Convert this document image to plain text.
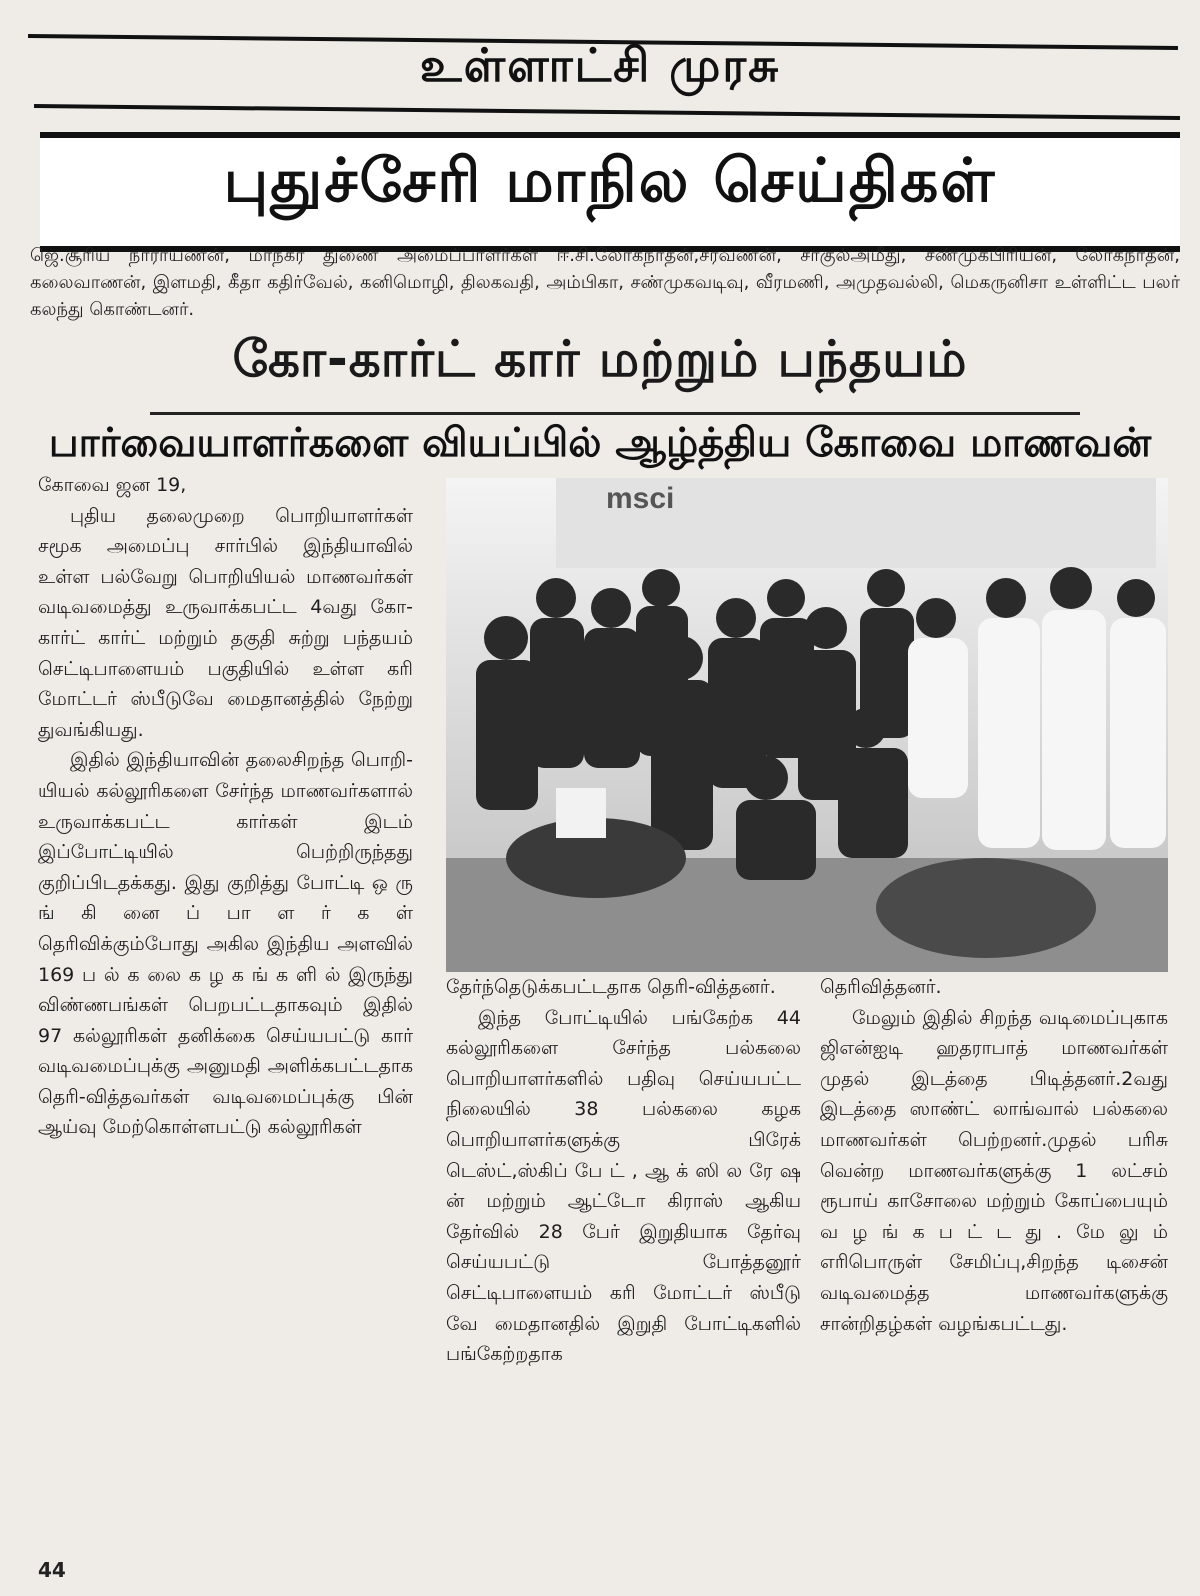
உள்ளாட்சி முரசு
புதுச்சேரி மாநில செய்திகள்
ஜெ.சூரிய நாராயணன், மாநகர துணை அமைப்பாளர்கள் ஈ.சி.லோகநாதன்,சரவணன், சாகுல்அமீது, சண்முகபிரியன், லோகநாதன், கலைவாணன், இளமதி, கீதா கதிர்வேல், கனிமொழி, திலகவதி, அம்பிகா, சண்முகவடிவு, வீரமணி, அமுதவல்லி, மெகருனிசா உள்ளிட்ட பலர் கலந்து கொண்டனர்.
கோ-கார்ட் கார் மற்றும் பந்தயம்
பார்வையாளர்களை வியப்பில் ஆழ்த்திய கோவை மாணவன்

கோவை ஜன 19,

புதிய தலைமுறை பொறியாளர்கள் சமூக அமைப்பு சார்பில் இந்தியாவில் உள்ள பல்வேறு பொறியியல் மாணவர்கள் வடிவமைத்து உருவாக்கபட்ட 4வது கோ-கார்ட் கார்ட் மற்றும் தகுதி சுற்று பந்தயம் செட்டிபாளையம் பகுதியில் உள்ள கரி மோட்டர் ஸ்பீடுவே மைதானத்தில் நேற்று துவங்கியது.

இதில் இந்தியாவின் தலைசிறந்த பொறி-யியல் கல்லூரிகளை சேர்ந்த மாணவர்களால் உருவாக்கபட்ட கார்கள் இடம் இப்போட்டியில் பெற்றிருந்தது குறிப்பிடதக்கது. இது குறித்து போட்டி ஒ ரு ங் கி னை ப் பா ள ர் க ள் தெரிவிக்கும்போது அகில இந்திய அளவில் 169 ப ல் க லை க ழ க ங் க ளி ல் இருந்து விண்ணபங்கள் பெறபட்டதாகவும் இதில் 97 கல்லூரிகள் தனிக்கை செய்யபட்டு கார் வடிவமைப்புக்கு அனுமதி அளிக்கபட்டதாக தெரி-வித்தவர்கள் வடிவமைப்புக்கு பின் ஆய்வு மேற்கொள்ளபட்டு கல்லூரிகள்

msci

தேர்ந்தெடுக்கபட்டதாக தெரி-வித்தனர்.

இந்த போட்டியில் பங்கேற்க 44 கல்லூரிகளை சேர்ந்த பல்கலை பொறியாளர்களில் பதிவு செய்யபட்ட நிலையில் 38 பல்கலை கழக பொறியாளர்களுக்கு பிரேக் டெஸ்ட்,ஸ்கிப் பே ட் , ஆ க் ஸி ல ரே ஷ ன் மற்றும் ஆட்டோ கிராஸ் ஆகிய தேர்வில் 28 பேர் இறுதியாக தேர்வு செய்யபட்டு போத்தனூர் செட்டிபாளையம் கரி மோட்டர் ஸ்பீடு வே மைதானதில் இறுதி போட்டிகளில் பங்கேற்றதாக

தெரிவித்தனர்.

மேலும் இதில் சிறந்த வடிமைப்புகாக ஜிஎன்ஐடி ஹதராபாத் மாணவர்கள் முதல் இடத்தை பிடித்தனர்.2வது இடத்தை ஸாண்ட் லாங்வால் பல்கலை மாணவர்கள் பெற்றனர்.முதல் பரிசு வென்ற மாணவர்களுக்கு 1 லட்சம் ரூபாய் காசோலை மற்றும் கோப்பையும் வ ழ ங் க ப ட் ட து . மே லு ம் எரிபொருள் சேமிப்பு,சிறந்த டிசைன் வடிவமைத்த மாணவர்களுக்கு சான்றிதழ்கள் வழங்கபட்டது.

44
